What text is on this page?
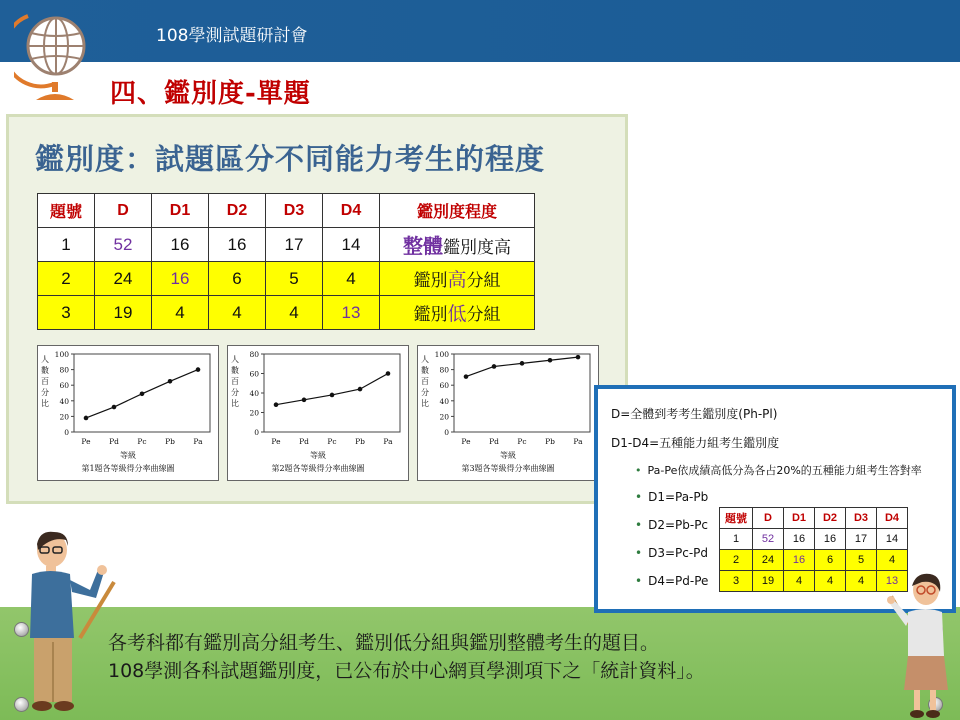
108學測試題研討會
四、鑑別度-單題
鑑別度：試題區分不同能力考生的程度
題號	D	D1	D2	D3	D4	鑑別度程度
1	52	16	16	17	14	整體鑑別度高
2	24	16	6	5	4	鑑別高分組
3	19	4	4	4	13	鑑別低分組
0
20
40
60
80
100
Pe Pd Pc Pb Pa
人數百分比
等級
第1題各等級得分率曲線圖
0
20
40
60
80
Pe Pd Pc Pb Pa
人數百分比
等級
第2題各等級得分率曲線圖
0
20
40
60
80
100
Pe Pd Pc Pb Pa
人數百分比
等級
第3題各等級得分率曲線圖
各考科都有鑑別高分組考生、鑑別低分組與鑑別整體考生的題目。
108學測各科試題鑑別度，已公布於中心網頁學測項下之「統計資料」。
D=全體到考考生鑑別度(Ph-Pl)
D1-D4=五種能力組考生鑑別度
• Pa-Pe依成績高低分為各占20%的五種能力組考生答對率
• D1=Pa-Pb
• D2=Pb-Pc
• D3=Pc-Pd
• D4=Pd-Pe
題號	D	D1	D2	D3	D4
1	52	16	16	17	14
2	24	16	6	5	4
3	19	4	4	4	13
